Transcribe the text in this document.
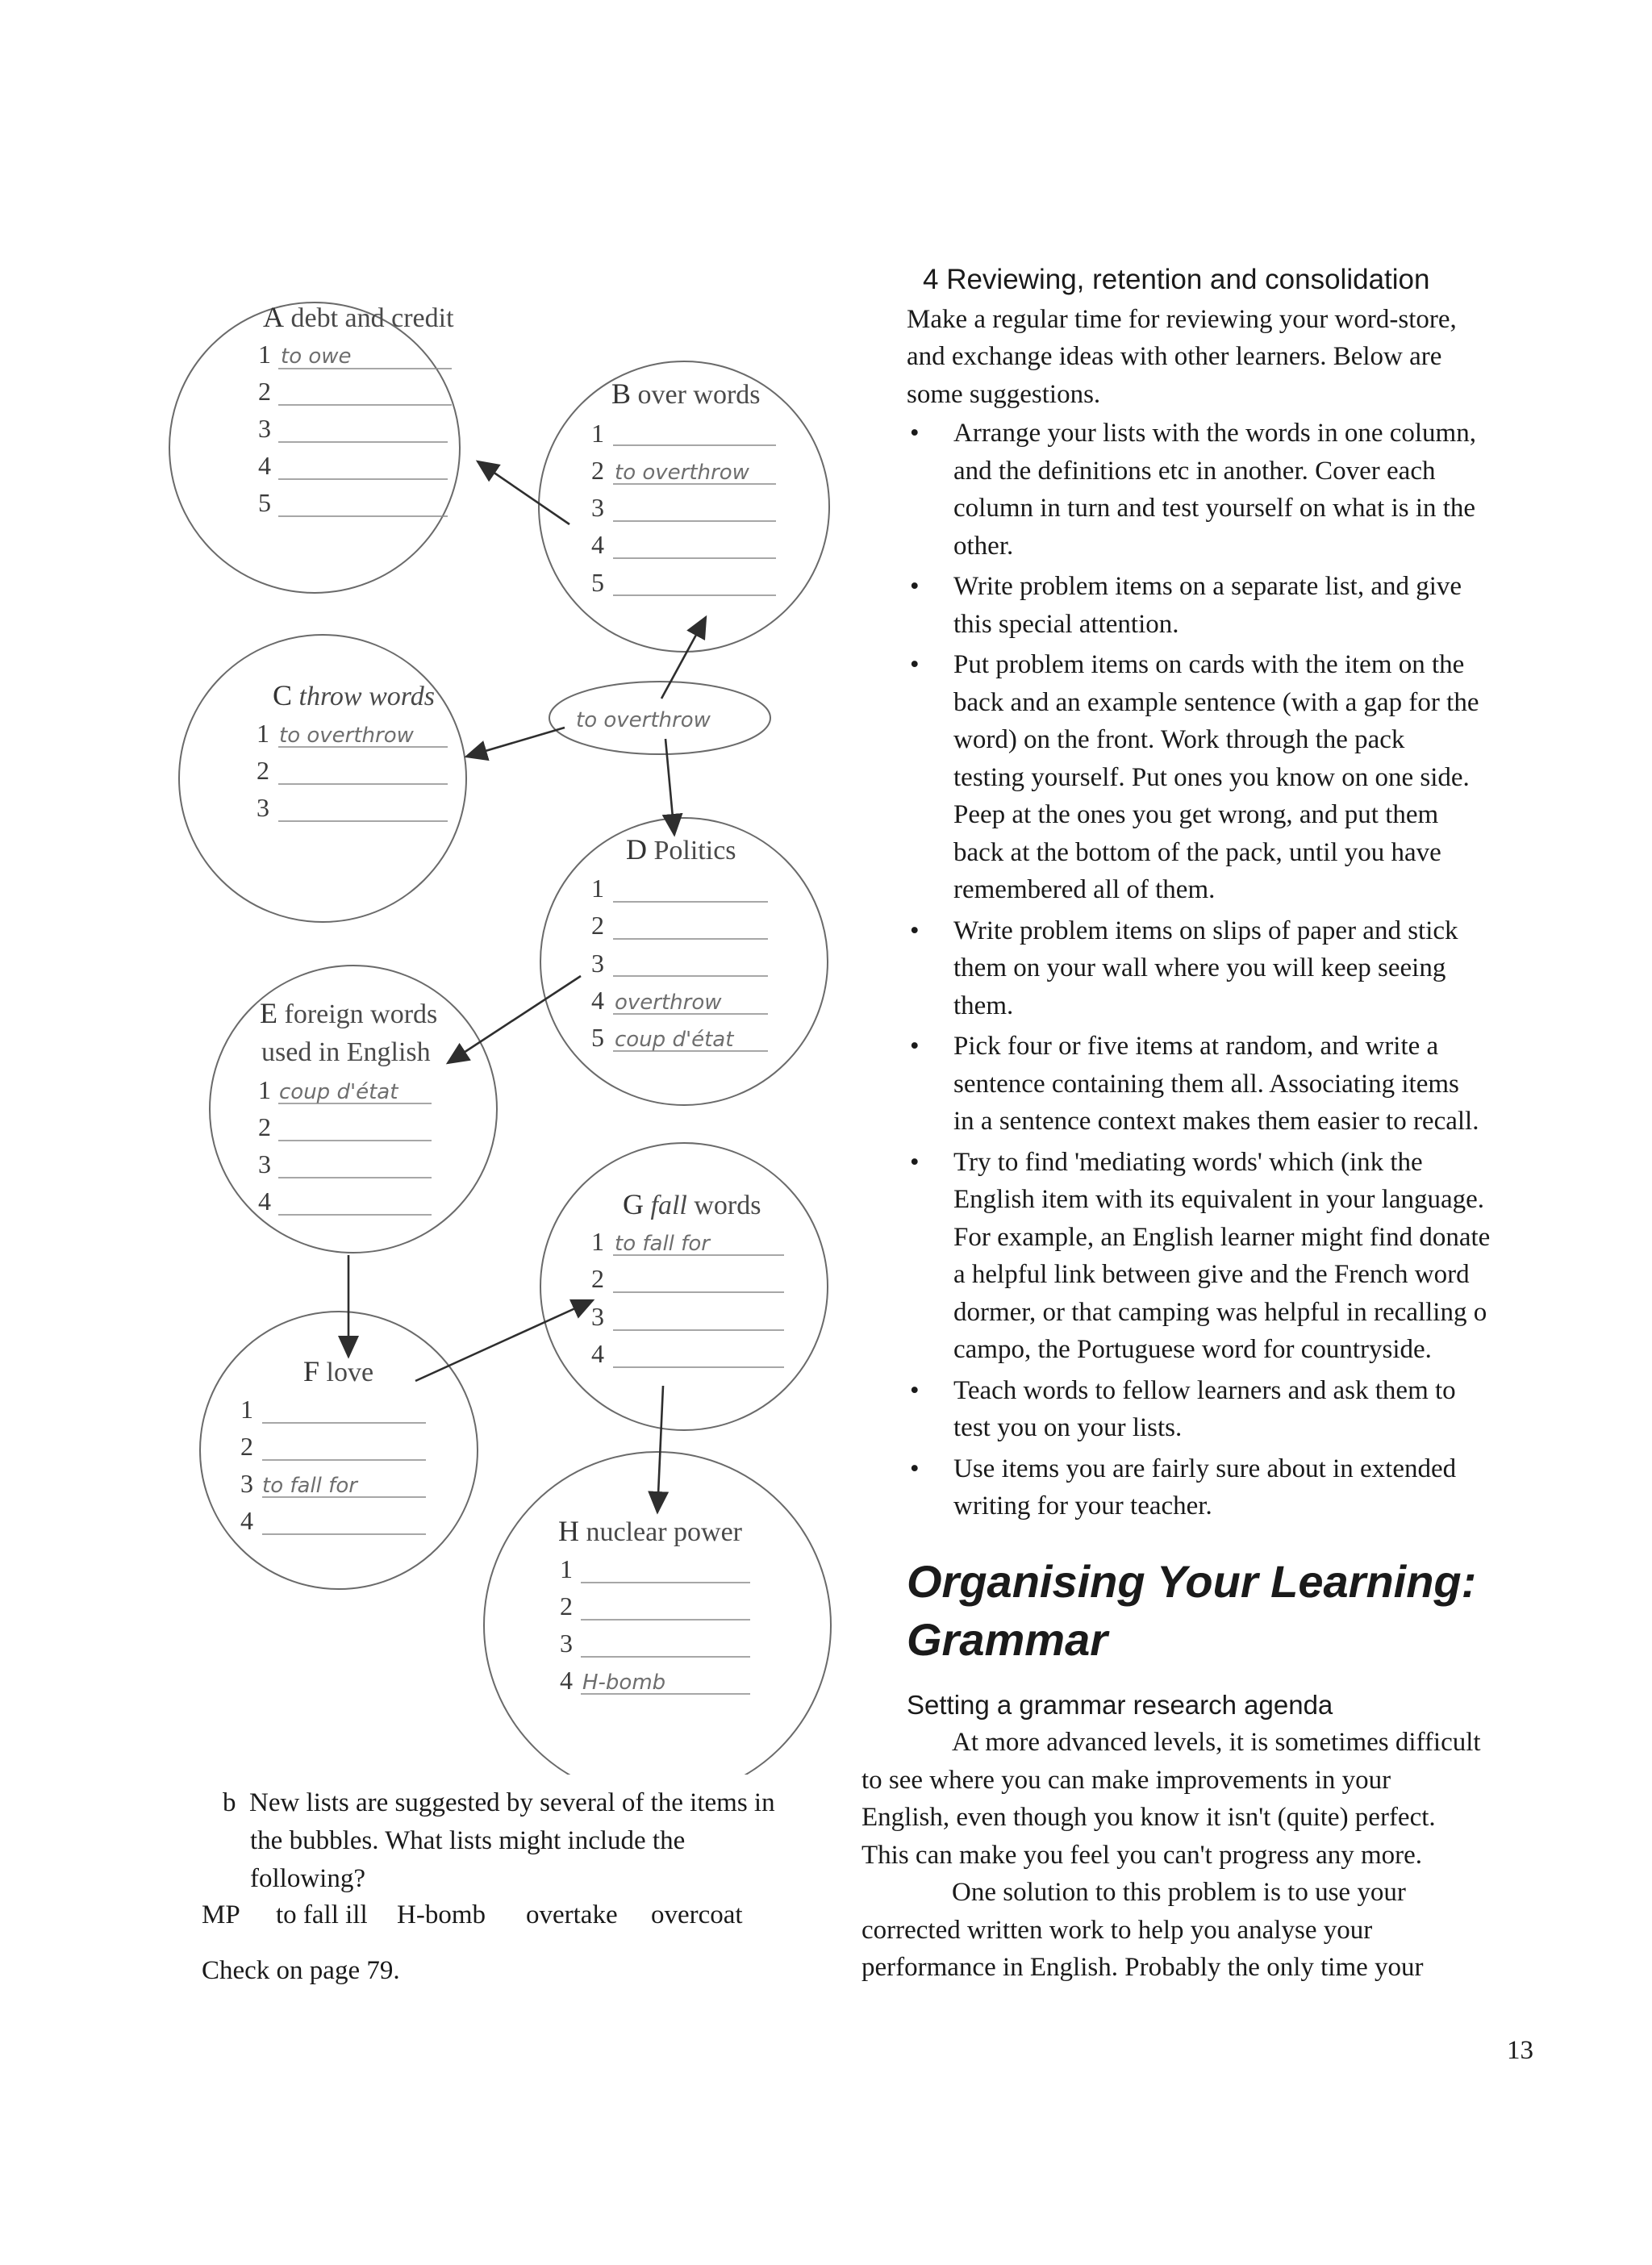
A debt and credit
1 to owe
2
3
4
5
B over words
1
2 to overthrow
3
4
5
C throw words
1 to overthrow
2
3
to overthrow
D Politics
1
2
3
4 overthrow
5 coup d'état
E foreign words
used in English
1 coup d'état
2
3
4	G fall words
1 to fall for
2
3
4
F love
1
2
3 to fall for
4	H nuclear power
1
2
3
4 H-bomb
b New lists are suggested by several of the items in
the bubbles. What lists might include the
following?
MP to fall ill H-bomb overtake overcoat
Check on page 79.
4 Reviewing, retention and consolidation
Make a regular time for reviewing your word-store,
and exchange ideas with other learners. Below are
some suggestions.
• Arrange your lists with the words in one column,
and the definitions etc in another. Cover each
column in turn and test yourself on what is in the
other.
• Write problem items on a separate list, and give
this special attention.
• Put problem items on cards with the item on the
back and an example sentence (with a gap for the
word) on the front. Work through the pack
testing yourself. Put ones you know on one side.
Peep at the ones you get wrong, and put them
back at the bottom of the pack, until you have
remembered all of them.
• Write problem items on slips of paper and stick
them on your wall where you will keep seeing
them.
• Pick four or five items at random, and write a
sentence containing them all. Associating items
in a sentence context makes them easier to recall.
• Try to find 'mediating words' which (ink the
English item with its equivalent in your language.
For example, an English learner might find donate
a helpful link between give and the French word
dormer, or that camping was helpful in recalling o
campo, the Portuguese word for countryside.
• Teach words to fellow learners and ask them to
test you on your lists.
• Use items you are fairly sure about in extended
writing for your teacher.
Organising Your Learning:
Grammar
Setting a grammar research agenda

At more advanced levels, it is sometimes difficult
to see where you can make improvements in your
English, even though you know it isn't (quite) perfect.
This can make you feel you can't progress any more.

One solution to this problem is to use your
corrected written work to help you analyse your
performance in English. Probably the only time your

13
